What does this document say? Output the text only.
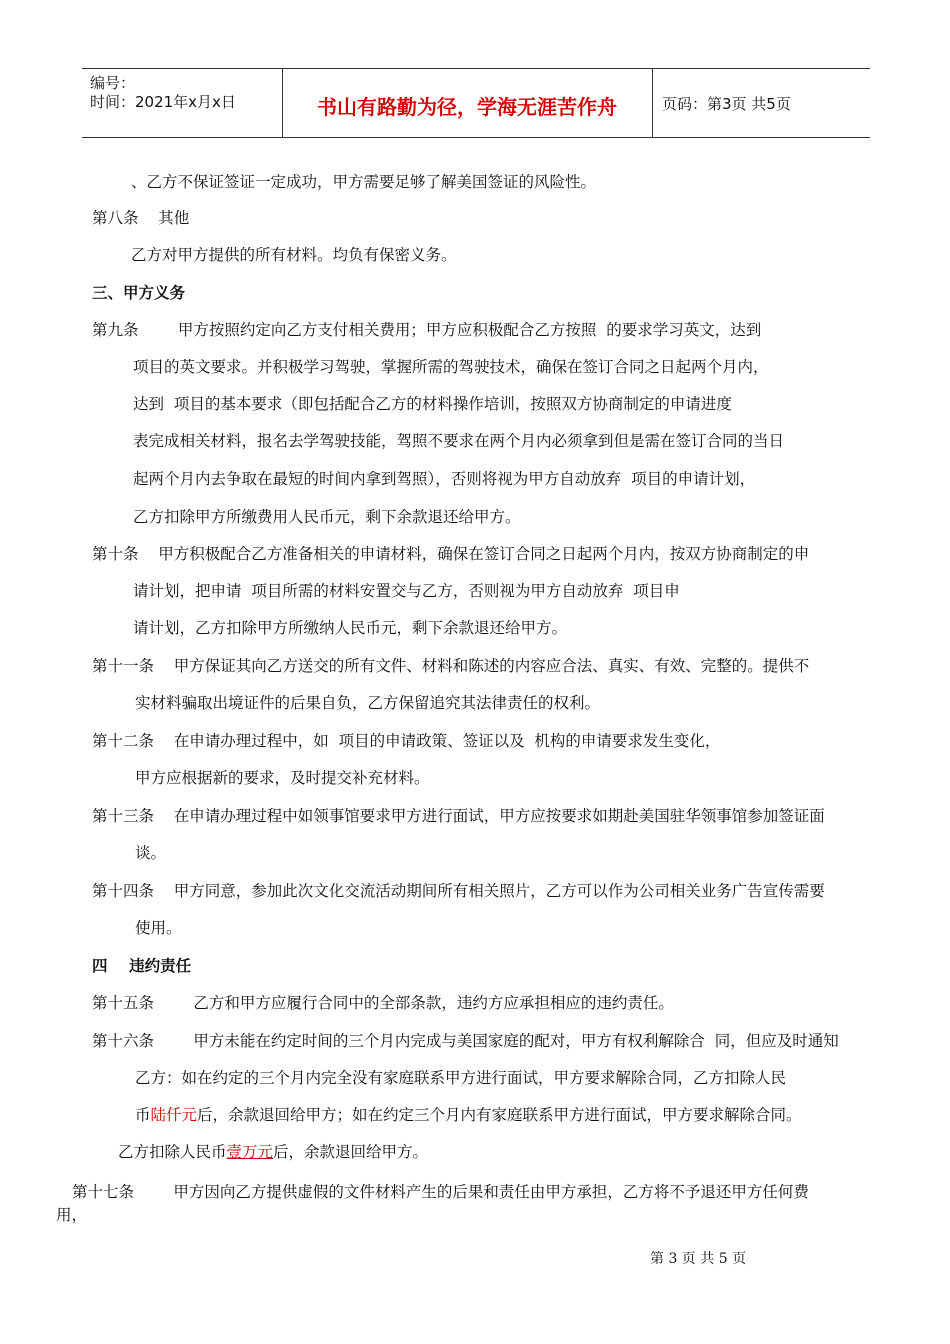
编号：
时间：2021年x月x日	书山有路勤为径，学海无涯苦作舟	页码：第3页 共5页
、乙方不保证签证一定成功，甲方需要足够了解美国签证的风险性。
第八条    其他
乙方对甲方提供的所有材料。均负有保密义务。
三、甲方义务
第九条        甲方按照约定向乙方支付相关费用；甲方应积极配合乙方按照  的要求学习英文，达到
项目的英文要求。并积极学习驾驶，掌握所需的驾驶技术，确保在签订合同之日起两个月内，
达到  项目的基本要求（即包括配合乙方的材料操作培训，按照双方协商制定的申请进度
表完成相关材料，报名去学驾驶技能，驾照不要求在两个月内必须拿到但是需在签订合同的当日
起两个月内去争取在最短的时间内拿到驾照），否则将视为甲方自动放弃  项目的申请计划，
乙方扣除甲方所缴费用人民币元，剩下余款退还给甲方。
第十条    甲方积极配合乙方准备相关的申请材料，确保在签订合同之日起两个月内，按双方协商制定的申
请计划，把申请  项目所需的材料安置交与乙方，否则视为甲方自动放弃  项目申
请计划，乙方扣除甲方所缴纳人民币元，剩下余款退还给甲方。
第十一条    甲方保证其向乙方送交的所有文件、材料和陈述的内容应合法、真实、有效、完整的。提供不
实材料骗取出境证件的后果自负，乙方保留追究其法律责任的权利。
第十二条    在申请办理过程中，如  项目的申请政策、签证以及  机构的申请要求发生变化，
甲方应根据新的要求，及时提交补充材料。
第十三条    在申请办理过程中如领事馆要求甲方进行面试，甲方应按要求如期赴美国驻华领事馆参加签证面
谈。
第十四条    甲方同意，参加此次文化交流活动期间所有相关照片，乙方可以作为公司相关业务广告宣传需要
使用。
四    违约责任
第十五条        乙方和甲方应履行合同中的全部条款，违约方应承担相应的违约责任。
第十六条        甲方未能在约定时间的三个月内完成与美国家庭的配对，甲方有权利解除合  同，但应及时通知
乙方：如在约定的三个月内完全没有家庭联系甲方进行面试，甲方要求解除合同，乙方扣除人民
币陆仟元后，余款退回给甲方；如在约定三个月内有家庭联系甲方进行面试，甲方要求解除合同。
乙方扣除人民币壹万元后，余款退回给甲方。
第十七条        甲方因向乙方提供虚假的文件材料产生的后果和责任由甲方承担，乙方将不予退还甲方任何费
用，
第 3 页 共 5 页
